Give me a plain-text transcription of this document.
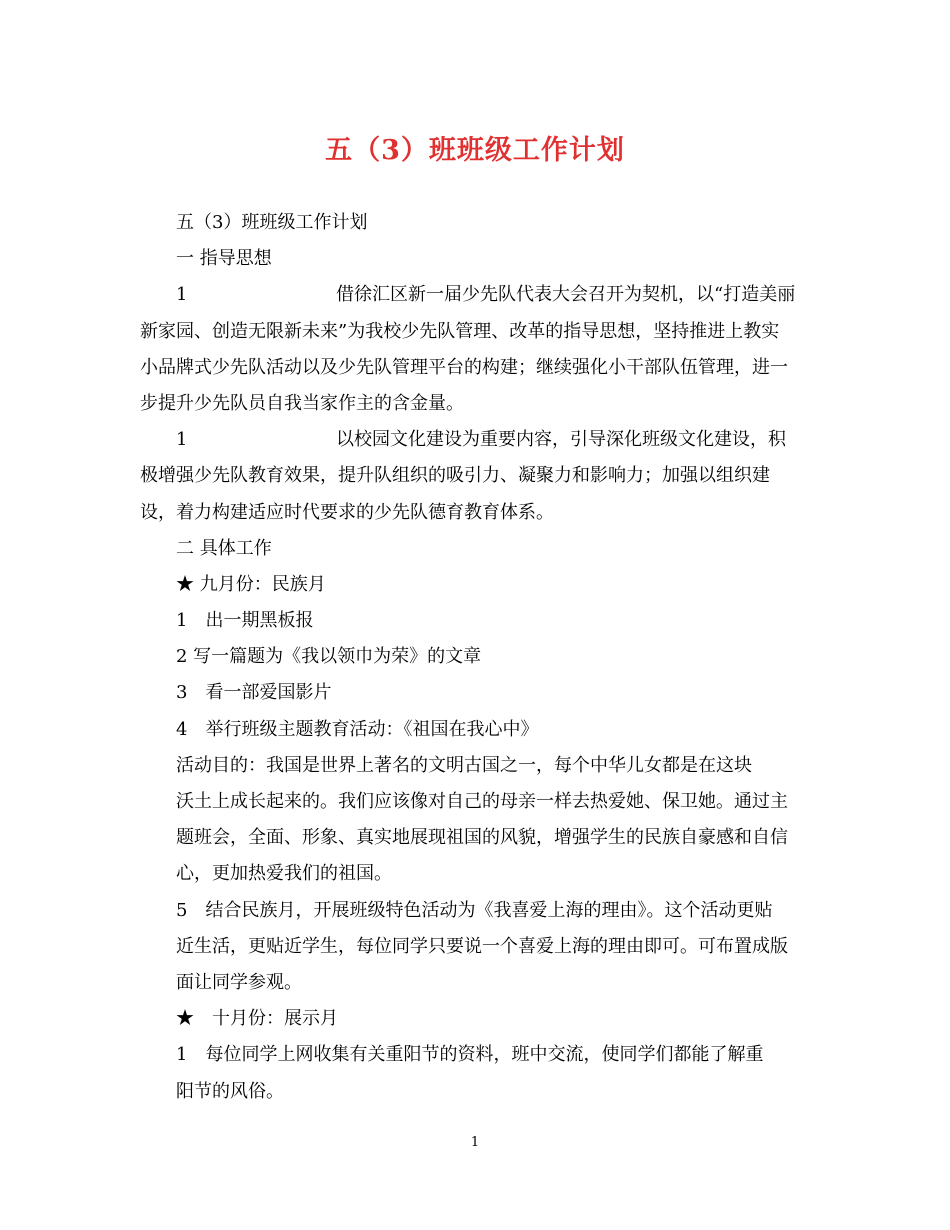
五（3）班班级工作计划
五（3）班班级工作计划
一 指导思想
1	借徐汇区新一届少先队代表大会召开为契机，以“打造美丽
新家园、创造无限新未来”为我校少先队管理、改革的指导思想，坚持推进上教实
小品牌式少先队活动以及少先队管理平台的构建；继续强化小干部队伍管理，进一
步提升少先队员自我当家作主的含金量。
1	以校园文化建设为重要内容，引导深化班级文化建设，积
极增强少先队教育效果，提升队组织的吸引力、凝聚力和影响力；加强以组织建
设，着力构建适应时代要求的少先队德育教育体系。
二 具体工作
★ 九月份：民族月
1 出一期黑板报
2 写一篇题为《我以领巾为荣》的文章
3 看一部爱国影片
4 举行班级主题教育活动：《祖国在我心中》
活动目的：我国是世界上著名的文明古国之一，每个中华儿女都是在这块
沃土上成长起来的。我们应该像对自己的母亲一样去热爱她、保卫她。通过主
题班会，全面、形象、真实地展现祖国的风貌，增强学生的民族自豪感和自信
心，更加热爱我们的祖国。
5 结合民族月，开展班级特色活动为《我喜爱上海的理由》。这个活动更贴
近生活，更贴近学生，每位同学只要说一个喜爱上海的理由即可。可布置成版
面让同学参观。
★　十月份：展示月
1 每位同学上网收集有关重阳节的资料，班中交流，使同学们都能了解重
阳节的风俗。
1
